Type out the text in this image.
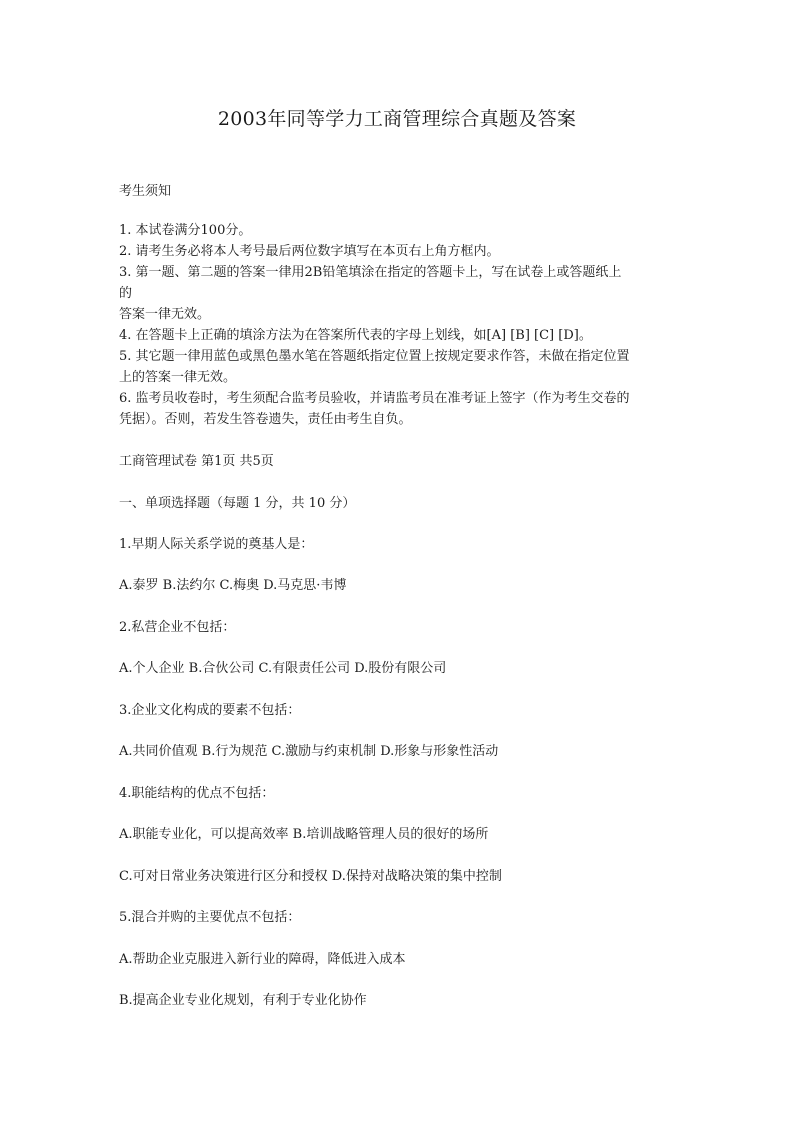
2003年同等学力工商管理综合真题及答案
考生须知
1. 本试卷满分100分。
2. 请考生务必将本人考号最后两位数字填写在本页右上角方框内。
3. 第一题、第二题的答案一律用2B铅笔填涂在指定的答题卡上，写在试卷上或答题纸上
的
答案一律无效。
4. 在答题卡上正确的填涂方法为在答案所代表的字母上划线，如[A] [B] [C] [D]。
5. 其它题一律用蓝色或黑色墨水笔在答题纸指定位置上按规定要求作答，未做在指定位置
上的答案一律无效。
6. 监考员收卷时，考生须配合监考员验收，并请监考员在准考证上签字（作为考生交卷的
凭据）。否则，若发生答卷遗失，责任由考生自负。
工商管理试卷 第1页 共5页
一、单项选择题（每题 1 分，共 10 分）
1.早期人际关系学说的奠基人是：
A.泰罗 B.法约尔 C.梅奥 D.马克思·韦博
2.私营企业不包括：
A.个人企业 B.合伙公司 C.有限责任公司 D.股份有限公司
3.企业文化构成的要素不包括：
A.共同价值观 B.行为规范 C.激励与约束机制 D.形象与形象性活动
4.职能结构的优点不包括：
A.职能专业化，可以提高效率 B.培训战略管理人员的很好的场所
C.可对日常业务决策进行区分和授权 D.保持对战略决策的集中控制
5.混合并购的主要优点不包括：
A.帮助企业克服进入新行业的障碍，降低进入成本
B.提高企业专业化规划，有利于专业化协作
